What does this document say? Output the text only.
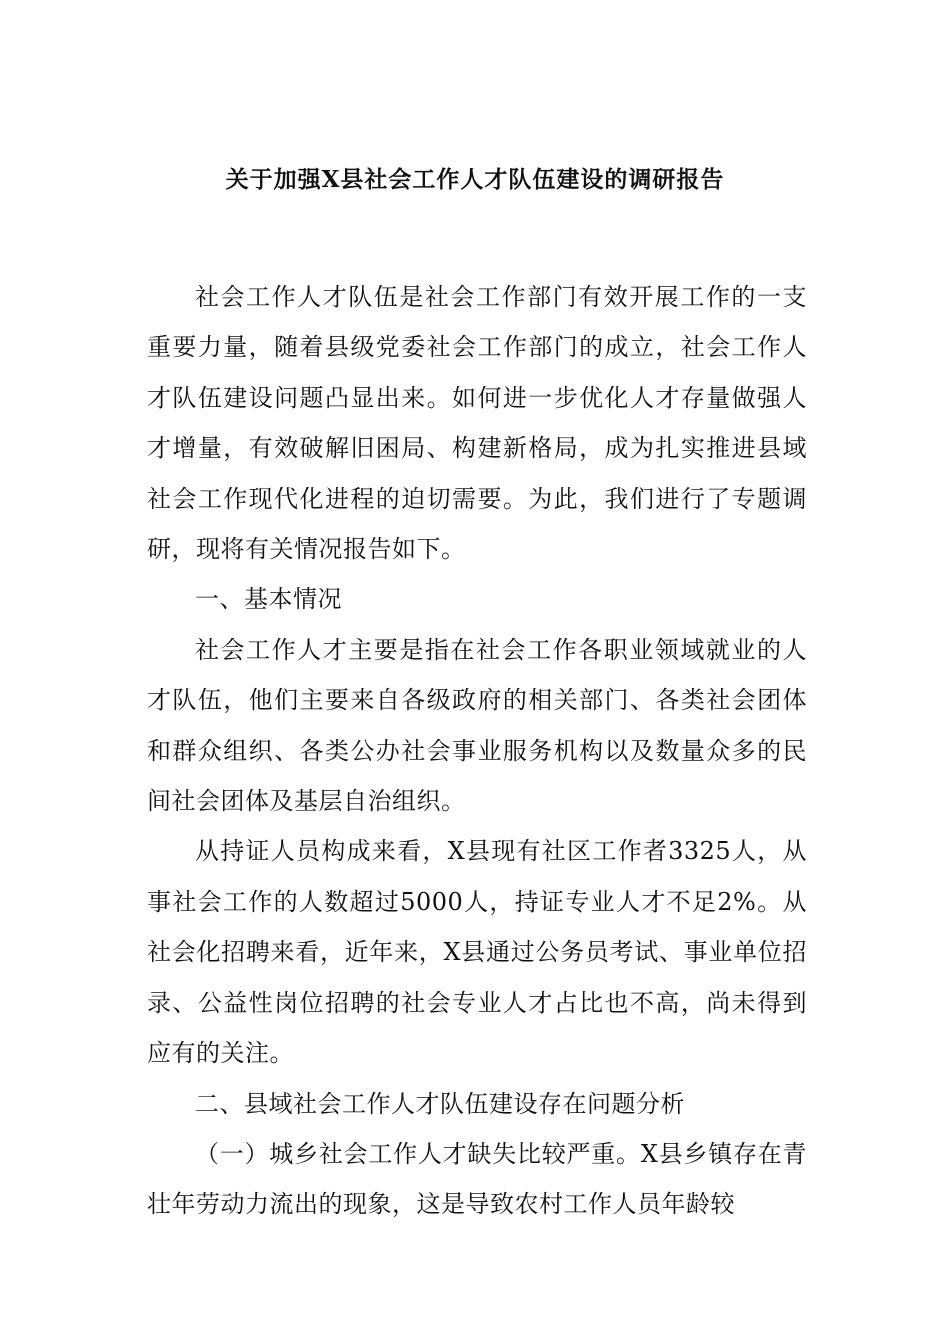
关于加强X县社会工作人才队伍建设的调研报告

社会工作人才队伍是社会工作部门有效开展工作的一支重要力量，随着县级党委社会工作部门的成立，社会工作人才队伍建设问题凸显出来。如何进一步优化人才存量做强人才增量，有效破解旧困局、构建新格局，成为扎实推进县域社会工作现代化进程的迫切需要。为此，我们进行了专题调研，现将有关情况报告如下。

一、基本情况

社会工作人才主要是指在社会工作各职业领域就业的人才队伍，他们主要来自各级政府的相关部门、各类社会团体和群众组织、各类公办社会事业服务机构以及数量众多的民间社会团体及基层自治组织。

从持证人员构成来看，X县现有社区工作者3325人，从事社会工作的人数超过5000人，持证专业人才不足2%。从社会化招聘来看，近年来，X县通过公务员考试、事业单位招录、公益性岗位招聘的社会专业人才占比也不高，尚未得到应有的关注。

二、县域社会工作人才队伍建设存在问题分析

（一）城乡社会工作人才缺失比较严重。X县乡镇存在青壮年劳动力流出的现象，这是导致农村工作人员年龄较
